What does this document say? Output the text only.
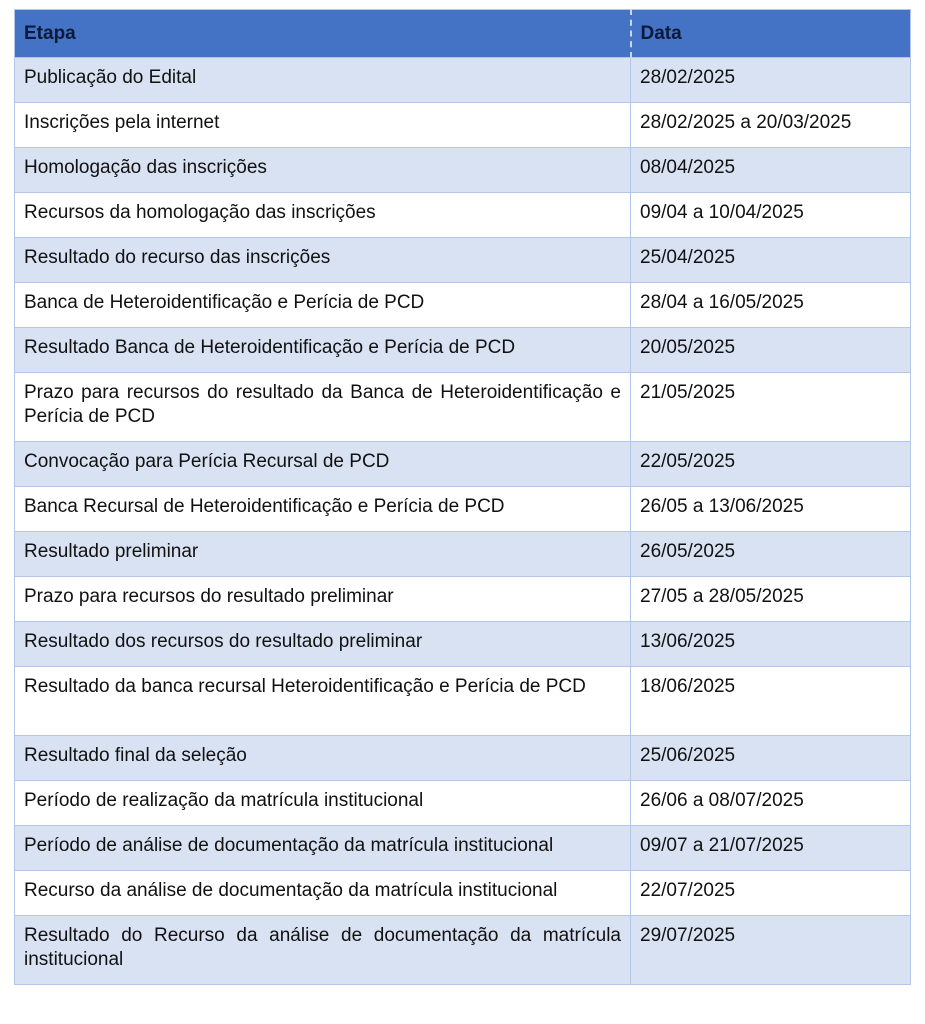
Etapa	Data
Publicação do Edital	28/02/2025
Inscrições pela internet	28/02/2025 a 20/03/2025
Homologação das inscrições	08/04/2025
Recursos da homologação das inscrições	09/04 a 10/04/2025
Resultado do recurso das inscrições	25/04/2025
Banca de Heteroidentificação e Perícia de PCD	28/04 a 16/05/2025
Resultado Banca de Heteroidentificação e Perícia de PCD	20/05/2025
Prazo para recursos do resultado da Banca de Heteroidentificação e Perícia de PCD	21/05/2025
Convocação para Perícia Recursal de PCD	22/05/2025
Banca Recursal de Heteroidentificação e Perícia de PCD	26/05 a 13/06/2025
Resultado preliminar	26/05/2025
Prazo para recursos do resultado preliminar	27/05 a 28/05/2025
Resultado dos recursos do resultado preliminar	13/06/2025
Resultado da banca recursal Heteroidentificação e Perícia de PCD	18/06/2025
Resultado final da seleção	25/06/2025
Período de realização da matrícula institucional	26/06 a 08/07/2025
Período de análise de documentação da matrícula institucional	09/07 a 21/07/2025
Recurso da análise de documentação da matrícula institucional	22/07/2025
Resultado do Recurso da análise de documentação da matrícula institucional	29/07/2025
